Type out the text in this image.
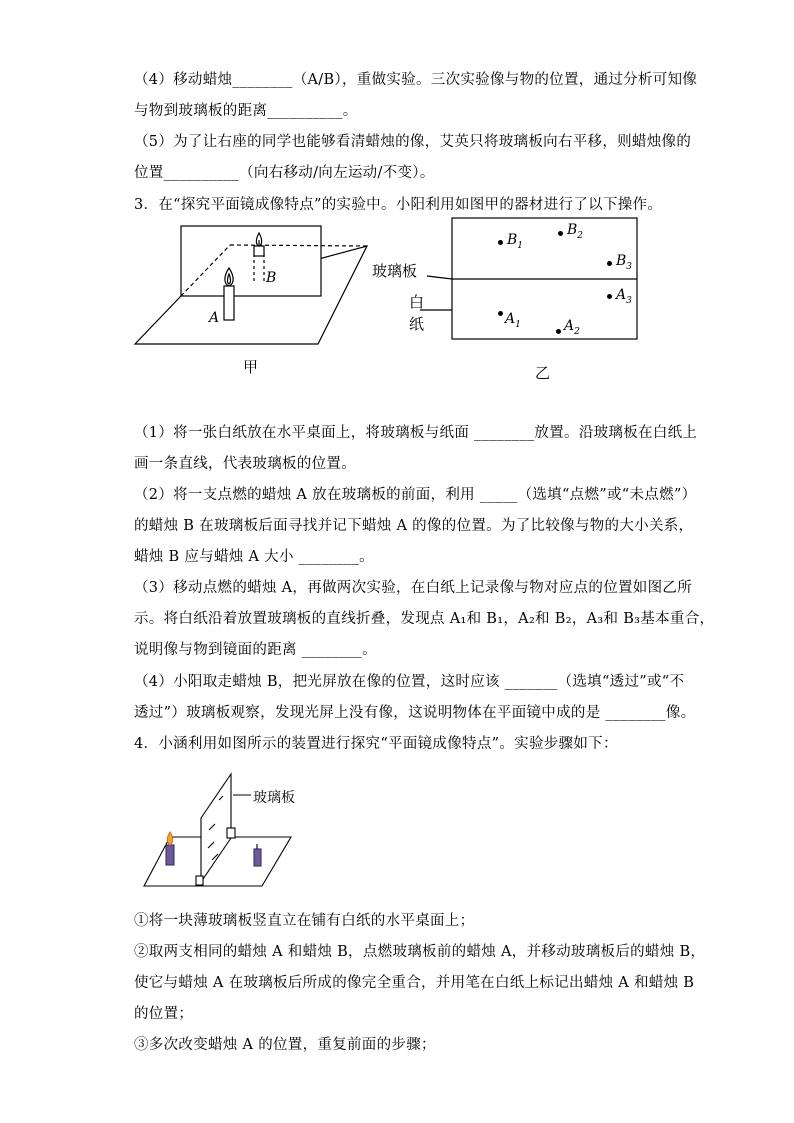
（4）移动蜡烛________（A/B），重做实验。三次实验像与物的位置，通过分析可知像
与物到玻璃板的距离__________。
（5）为了让右座的同学也能够看清蜡烛的像，艾英只将玻璃板向右平移，则蜡烛像的
位置__________（向右移动/向左运动/不变）。
3．在“探究平面镜成像特点”的实验中。小阳利用如图甲的器材进行了以下操作。
B
A
甲
玻璃板
白
纸
乙
$B_1$
$B_2$
$B_3$
$A_3$
$A_1$	$A_2$
（1）将一张白纸放在水平桌面上，将玻璃板与纸面 ________放置。沿玻璃板在白纸上
画一条直线，代表玻璃板的位置。
（2）将一支点燃的蜡烛 A 放在玻璃板的前面，利用 _____（选填“点燃”或“未点燃”）
的蜡烛 B 在玻璃板后面寻找并记下蜡烛 A 的像的位置。为了比较像与物的大小关系，
蜡烛 B 应与蜡烛 A 大小 ________。
（3）移动点燃的蜡烛 A，再做两次实验，在白纸上记录像与物对应点的位置如图乙所
示。将白纸沿着放置玻璃板的直线折叠，发现点 A₁和 B₁，A₂和 B₂，A₃和 B₃基本重合，
说明像与物到镜面的距离 ________。
（4）小阳取走蜡烛 B，把光屏放在像的位置，这时应该 _______（选填“透过”或“不
透过”）玻璃板观察，发现光屏上没有像，这说明物体在平面镜中成的是 ________像。
4．小涵利用如图所示的装置进行探究“平面镜成像特点”。实验步骤如下：
玻璃板
①将一块薄玻璃板竖直立在铺有白纸的水平桌面上；
②取两支相同的蜡烛 A 和蜡烛 B，点燃玻璃板前的蜡烛 A，并移动玻璃板后的蜡烛 B，
使它与蜡烛 A 在玻璃板后所成的像完全重合，并用笔在白纸上标记出蜡烛 A 和蜡烛 B
的位置；
③多次改变蜡烛 A 的位置，重复前面的步骤；
